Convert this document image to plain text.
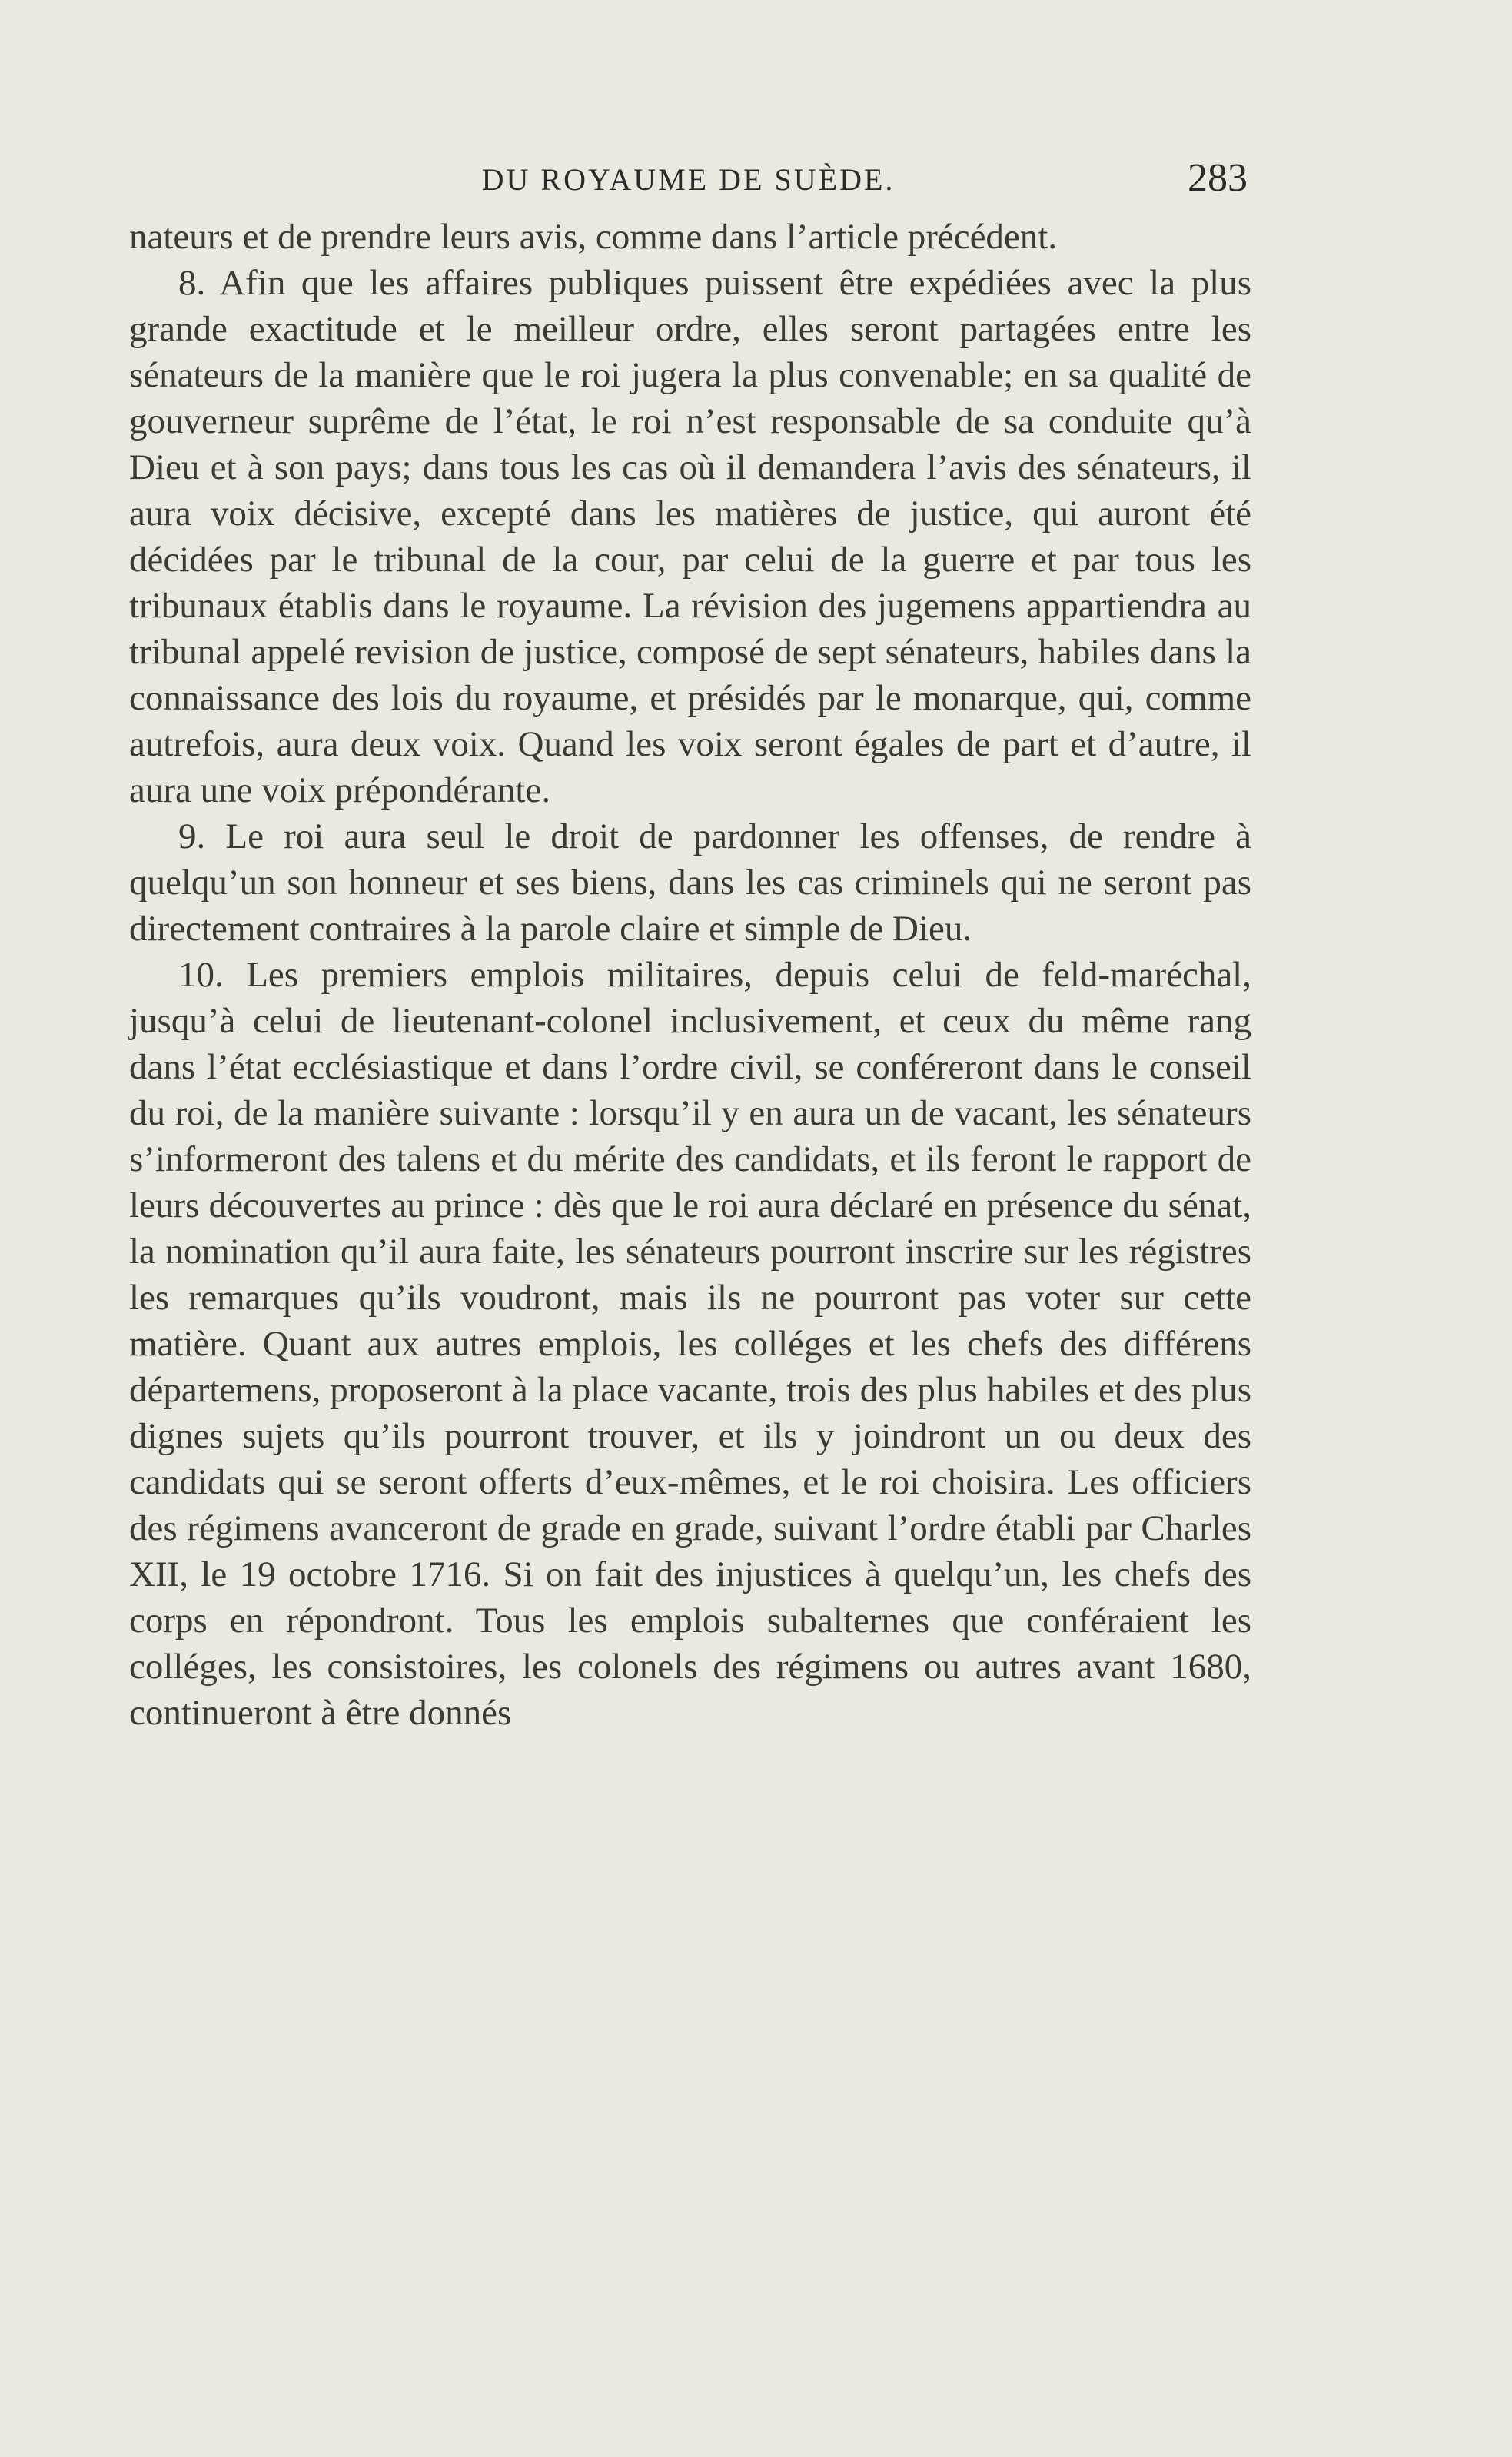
DU ROYAUME DE SUÈDE.	283

nateurs et de prendre leurs avis, comme dans l’article précédent.

8. Afin que les affaires publiques puissent être expédiées avec la plus grande exactitude et le meilleur ordre, elles seront partagées entre les sénateurs de la manière que le roi jugera la plus convenable; en sa qualité de gouverneur suprême de l’état, le roi n’est responsable de sa conduite qu’à Dieu et à son pays; dans tous les cas où il demandera l’avis des sénateurs, il aura voix décisive, excepté dans les matières de justice, qui auront été décidées par le tribunal de la cour, par celui de la guerre et par tous les tribunaux établis dans le royaume. La révision des jugemens appartiendra au tribunal appelé revision de justice, composé de sept sénateurs, habiles dans la connaissance des lois du royaume, et présidés par le monarque, qui, comme autrefois, aura deux voix. Quand les voix seront égales de part et d’autre, il aura une voix prépondérante.

9. Le roi aura seul le droit de pardonner les offenses, de rendre à quelqu’un son honneur et ses biens, dans les cas criminels qui ne seront pas directement contraires à la parole claire et simple de Dieu.

10. Les premiers emplois militaires, depuis celui de feld-maréchal, jusqu’à celui de lieutenant-colonel inclusivement, et ceux du même rang dans l’état ecclésiastique et dans l’ordre civil, se conféreront dans le conseil du roi, de la manière suivante : lorsqu’il y en aura un de vacant, les sénateurs s’informeront des talens et du mérite des candidats, et ils feront le rapport de leurs découvertes au prince : dès que le roi aura déclaré en présence du sénat, la nomination qu’il aura faite, les sénateurs pourront inscrire sur les régistres les remarques qu’ils voudront, mais ils ne pourront pas voter sur cette matière. Quant aux autres emplois, les colléges et les chefs des différens départemens, proposeront à la place vacante, trois des plus habiles et des plus dignes sujets qu’ils pourront trouver, et ils y joindront un ou deux des candidats qui se seront offerts d’eux-mêmes, et le roi choisira. Les officiers des régimens avanceront de grade en grade, suivant l’ordre établi par Charles XII, le 19 octobre 1716. Si on fait des injustices à quelqu’un, les chefs des corps en répondront. Tous les emplois subalternes que conféraient les colléges, les consistoires, les colonels des régimens ou autres avant 1680, continueront à être donnés
